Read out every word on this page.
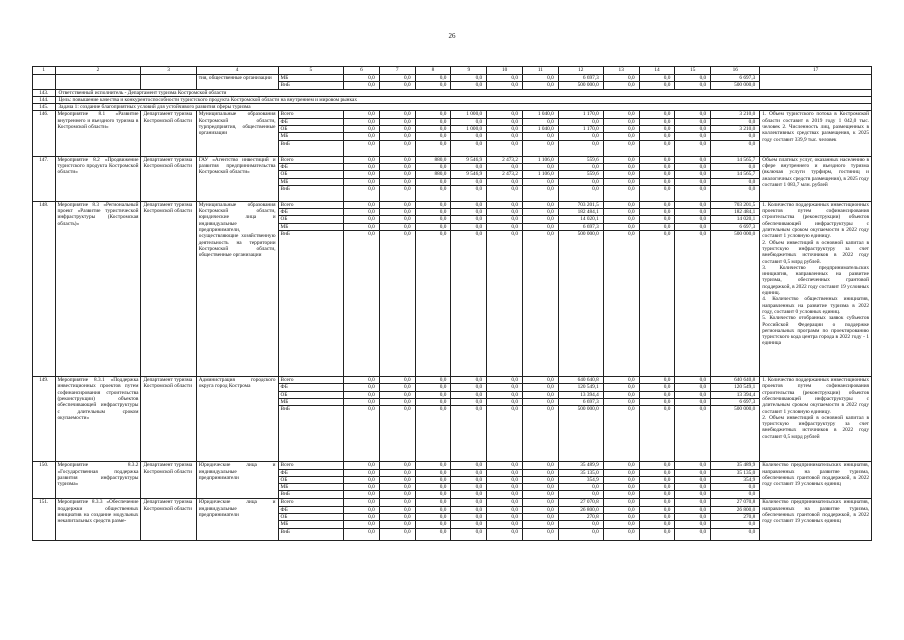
26
1	2	3	4	5	6	7	8	9	10	11	12	13	14	15	16	17
			тия, общественные организации	МБ	0,0	0,0	0,0	0,0	0,0	0,0	6 697,3	0,0	0,0	0,0	6 697,3	
				ВнБ	0,0	0,0	0,0	0,0	0,0	0,0	500 000,0	0,0	0,0	0,0	500 000,0	
143.	Ответственный исполнитель - Департамент туризма Костромской области															
144.	Цель: повышение качества и конкурентоспособности туристского продукта Костромской области на внутреннем и мировом рынках															
145.	Задача 1: создание благоприятных условий для устойчивого развития сферы туризма															
146.	Мероприятие 8.1 «Развитие внутреннего и въездного туризма в Костромской области»	Департамент туризма Костромской области	Муниципальные образования Костромской области, турпредприятия, общественные организации	Всего	0,0	0,0	0,0	1 000,0	0,0	1 040,0	1 170,0	0,0	0,0	0,0	3 210,0	1. Объем туристского потока в Костромской области составит в 2019 году 1 042,0 тыс. человек 2. Численность лиц, размещенных в коллективных средствах размещения, к 2025 году составит 339,9 тыс. человек
				ФБ	0,0	0,0	0,0	0,0	0,0	0,0	0,0	0,0	0,0	0,0	0,0	
				ОБ	0,0	0,0	0,0	1 000,0	0,0	1 040,0	1 170,0	0,0	0,0	0,0	3 210,0	
				МБ	0,0	0,0	0,0	0,0	0,0	0,0	0,0	0,0	0,0	0,0	0,0	
				ВнБ	0,0	0,0	0,0	0,0	0,0	0,0	0,0	0,0	0,0	0,0	0,0	
147.	Мероприятие 8.2 «Продвижение туристского продукта Костромской области»	Департамент туризма Костромской области	ГАУ «Агентство инвестиций и развития предпринимательства Костромской области»	Всего	0,0	0,0	880,0	9 546,9	2 473,2	1 106,0	559,6	0,0	0,0	0,0	14 565,7	Объем платных услуг, оказанных населению в сфере внутреннего и въездного туризма (включая услуги турфирм, гостиниц и аналогичных средств размещения), в 2025 году составит 1 083,7 млн. рублей
				ФБ	0,0	0,0	0,0	0,0	0,0	0,0	0,0	0,0	0,0	0,0	0,0	
				ОБ	0,0	0,0	880,0	9 546,9	2 473,2	1 106,0	559,6	0,0	0,0	0,0	14 565,7	
				МБ	0,0	0,0	0,0	0,0	0,0	0,0	0,0	0,0	0,0	0,0	0,0	
				ВнБ	0,0	0,0	0,0	0,0	0,0	0,0	0,0	0,0	0,0	0,0	0,0	
148.	Мероприятие 8.3 «Региональный проект «Развитие туристической инфраструктуры (Костромская область)»	Департамент туризма Костромской области	Муниципальные образования Костромской области, юридические лица и индивидуальные предприниматели, осуществляющие хозяйственную деятельность на территории Костромской области, общественные организации	Всего	0,0	0,0	0,0	0,0	0,0	0,0	703 201,5	0,0	0,0	0,0	703 201,5	1. Количество поддержанных инвестиционных проектов путем софинансирования строительства (реконструкции) объектов обеспечивающей инфраструктуры с длительным сроком окупаемости в 2022 году составит 1 условную единицу.
2. Объем инвестиций в основной капитал в туристскую инфраструктуру за счет внебюджетных источников в 2022 году составит 0,5 млрд рублей.
3. Количество предпринимательских инициатив, направленных на развитие туризма, обеспеченных грантовой поддержкой, в 2022 году составит 19 условных единиц.
4. Количество общественных инициатив, направленных на развитие туризма в 2022 году, составит 0 условных единиц.
5. Количество отобранных заявок субъектов Российской Федерации о поддержке региональных программ по проектированию туристского кода центра города в 2022 году - 1 единица
				ФБ	0,0	0,0	0,0	0,0	0,0	0,0	182 484,1	0,0	0,0	0,0	182 484,1	
				ОБ	0,0	0,0	0,0	0,0	0,0	0,0	14 020,1	0,0	0,0	0,0	14 020,1	
				МБ	0,0	0,0	0,0	0,0	0,0	0,0	6 697,3	0,0	0,0	0,0	6 697,3	
				ВнБ	0,0	0,0	0,0	0,0	0,0	0,0	500 000,0	0,0	0,0	0,0	500 000,0	
149.	Мероприятие 8.3.1 «Поддержка инвестиционных проектов путем софинансирования строительства (реконструкции) объектов обеспечивающей инфраструктуры с длительным сроком окупаемости»	Департамент туризма Костромской области	Администрация городского округа город Кострома	Всего	0,0	0,0	0,0	0,0	0,0	0,0	640 640,8	0,0	0,0	0,0	640 640,8	1. Количество поддержанных инвестиционных проектов путем софинансирования строительства (реконструкции) объектов обеспечивающей инфраструктуры с длительным сроком окупаемости в 2022 году составит 1 условную единицу.
2. Объем инвестиций в основной капитал в туристскую инфраструктуру за счет внебюджетных источников в 2022 году составит 0,5 млрд рублей
				ФБ	0,0	0,0	0,0	0,0	0,0	0,0	120 549,1	0,0	0,0	0,0	120 549,1	
				ОБ	0,0	0,0	0,0	0,0	0,0	0,0	13 394,4	0,0	0,0	0,0	13 394,4	
				МБ	0,0	0,0	0,0	0,0	0,0	0,0	6 697,3	0,0	0,0	0,0	6 697,3	
				ВнБ	0,0	0,0	0,0	0,0	0,0	0,0	500 000,0	0,0	0,0	0,0	500 000,0	
150.	Мероприятие 8.3.2 «Государственная поддержка развития инфраструктуры туризма»	Департамент туризма Костромской области	Юридические лица и индивидуальные предприниматели	Всего	0,0	0,0	0,0	0,0	0,0	0,0	35 489,9	0,0	0,0	0,0	35 489,9	Количество предпринимательских инициатив, направленных на развитие туризма, обеспеченных грантовой поддержкой, в 2022 году составит 19 условных единиц
				ФБ	0,0	0,0	0,0	0,0	0,0	0,0	35 135,0	0,0	0,0	0,0	35 135,0	
				ОБ	0,0	0,0	0,0	0,0	0,0	0,0	354,9	0,0	0,0	0,0	354,9	
				МБ	0,0	0,0	0,0	0,0	0,0	0,0	0,0	0,0	0,0	0,0	0,0	
				ВнБ	0,0	0,0	0,0	0,0	0,0	0,0	0,0	0,0	0,0	0,0	0,0	
151.	Мероприятие 8.3.3 «Обеспечение поддержки общественных инициатив на создание модульных некапитальных средств разме-	Департамент туризма Костромской области	Юридические лица и индивидуальные предприниматели	Всего	0,0	0,0	0,0	0,0	0,0	0,0	27 070,8	0,0	0,0	0,0	27 070,8	Количество предпринимательских инициатив, направленных на развитие туризма, обеспеченных грантовой поддержкой, в 2022 году составит 19 условных единиц
				ФБ	0,0	0,0	0,0	0,0	0,0	0,0	26 800,0	0,0	0,0	0,0	26 800,0	
				ОБ	0,0	0,0	0,0	0,0	0,0	0,0	270,8	0,0	0,0	0,0	270,8	
				МБ	0,0	0,0	0,0	0,0	0,0	0,0	0,0	0,0	0,0	0,0	0,0	
				ВнБ	0,0	0,0	0,0	0,0	0,0	0,0	0,0	0,0	0,0	0,0	0,0	
